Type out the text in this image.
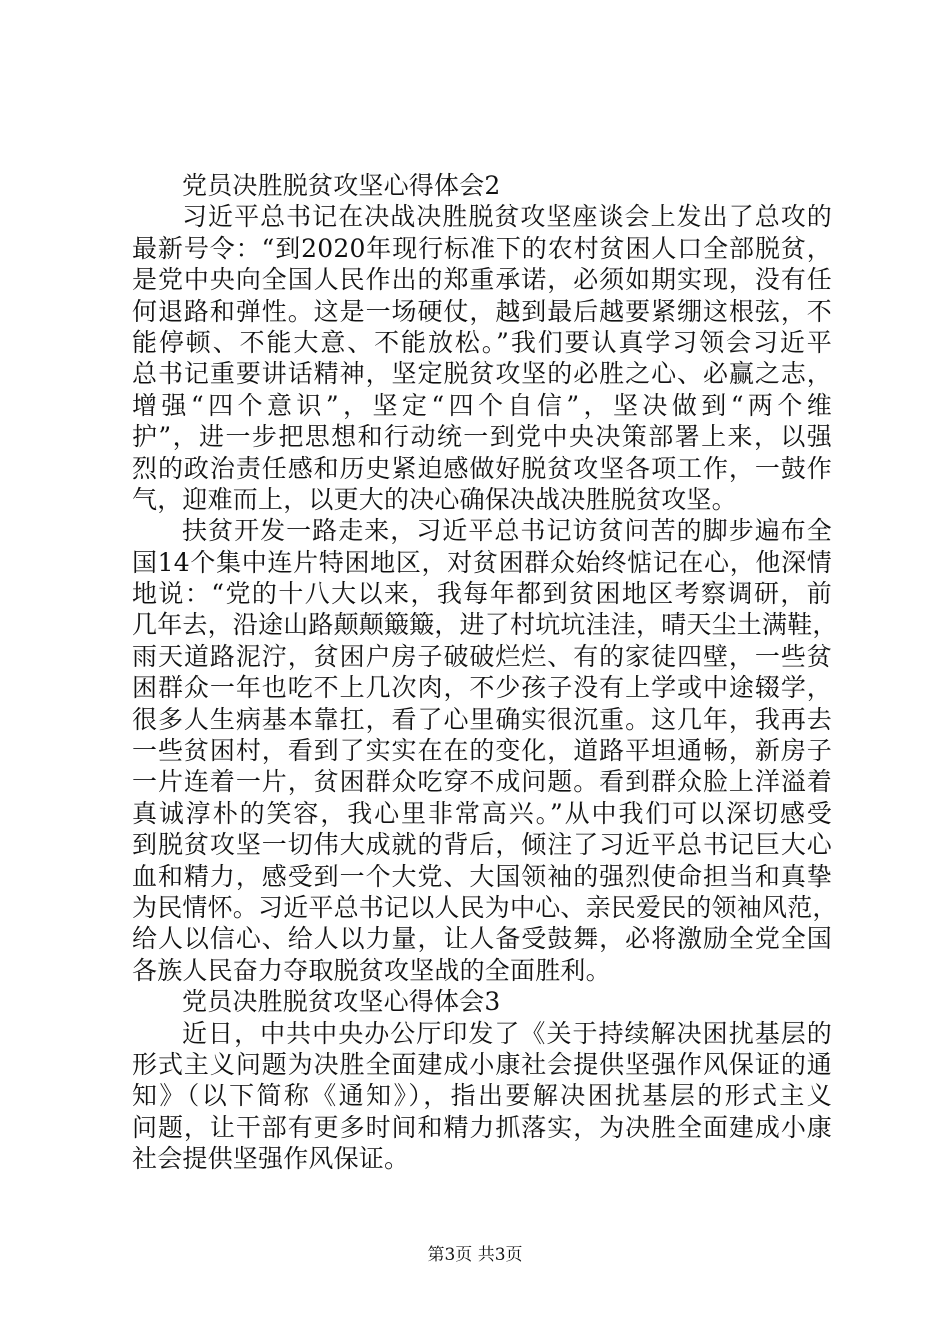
党员决胜脱贫攻坚心得体会2
习近平总书记在决战决胜脱贫攻坚座谈会上发出了总攻的
最新号令：“到2020年现行标准下的农村贫困人口全部脱贫，
是党中央向全国人民作出的郑重承诺，必须如期实现，没有任
何退路和弹性。这是一场硬仗，越到最后越要紧绷这根弦，不
能停顿、不能大意、不能放松。”我们要认真学习领会习近平
总书记重要讲话精神，坚定脱贫攻坚的必胜之心、必赢之志，
增强“四个意识”，坚定“四个自信”，坚决做到“两个维
护”，进一步把思想和行动统一到党中央决策部署上来，以强
烈的政治责任感和历史紧迫感做好脱贫攻坚各项工作，一鼓作
气，迎难而上，以更大的决心确保决战决胜脱贫攻坚。
扶贫开发一路走来，习近平总书记访贫问苦的脚步遍布全
国14个集中连片特困地区，对贫困群众始终惦记在心，他深情
地说：“党的十八大以来，我每年都到贫困地区考察调研，前
几年去，沿途山路颠颠簸簸，进了村坑坑洼洼，晴天尘土满鞋，
雨天道路泥泞，贫困户房子破破烂烂、有的家徒四壁，一些贫
困群众一年也吃不上几次肉，不少孩子没有上学或中途辍学，
很多人生病基本靠扛，看了心里确实很沉重。这几年，我再去
一些贫困村，看到了实实在在的变化，道路平坦通畅，新房子
一片连着一片，贫困群众吃穿不成问题。看到群众脸上洋溢着
真诚淳朴的笑容，我心里非常高兴。”从中我们可以深切感受
到脱贫攻坚一切伟大成就的背后，倾注了习近平总书记巨大心
血和精力，感受到一个大党、大国领袖的强烈使命担当和真挚
为民情怀。习近平总书记以人民为中心、亲民爱民的领袖风范，
给人以信心、给人以力量，让人备受鼓舞，必将激励全党全国
各族人民奋力夺取脱贫攻坚战的全面胜利。
党员决胜脱贫攻坚心得体会3
近日，中共中央办公厅印发了《关于持续解决困扰基层的
形式主义问题为决胜全面建成小康社会提供坚强作风保证的通
知》（以下简称《通知》），指出要解决困扰基层的形式主义
问题，让干部有更多时间和精力抓落实，为决胜全面建成小康
社会提供坚强作风保证。
第3页 共3页
